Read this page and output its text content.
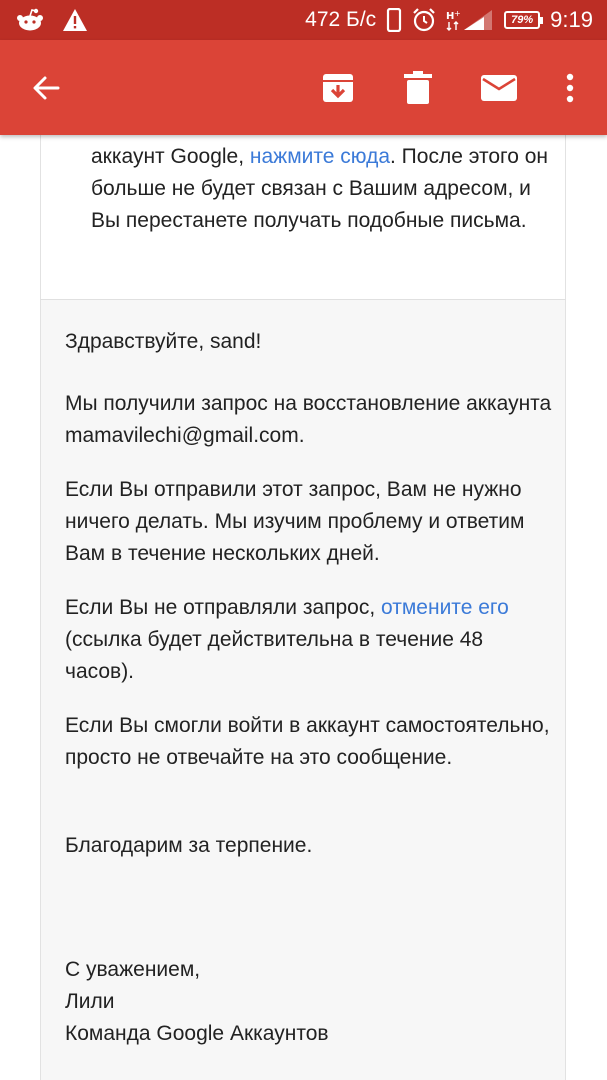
472 Б/с	H +
79% 9:19

аккаунт Google, нажмите сюда. После этого он больше не будет связан с Вашим адресом, и Вы перестанете получать подобные письма.

Здравствуйте, sand!
Мы получили запрос на восстановление аккаунта mamavilechi@gmail.com.
Если Вы отправили этот запрос, Вам не нужно ничего делать. Мы изучим проблему и ответим Вам в течение нескольких дней.
Если Вы не отправляли запрос, отмените его (ссылка будет действительна в течение 48 часов).
Если Вы смогли войти в аккаунт самостоятельно, просто не отвечайте на это сообщение.
Благодарим за терпение.
С уважением,
Лили
Команда Google Аккаунтов
